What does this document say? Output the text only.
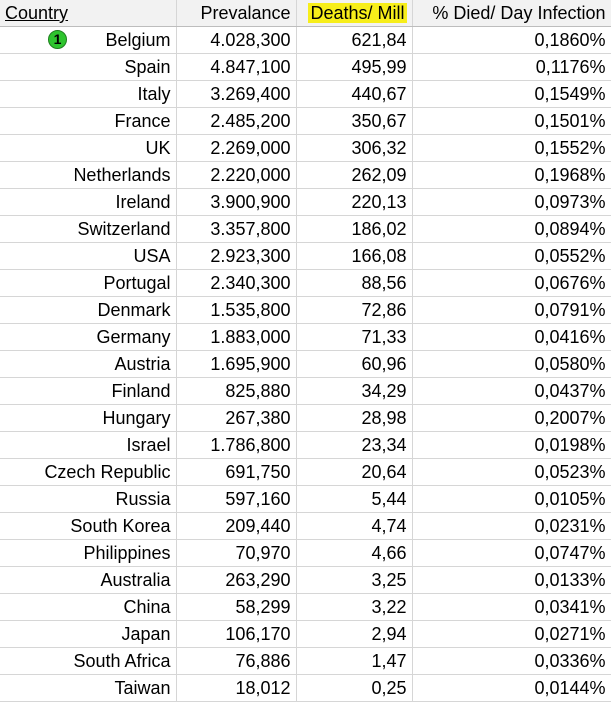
Country	Prevalance	Deaths/ Mill	% Died/ Day Infection

1 Belgium	4.028,300	621,84	0,1860%
Spain	4.847,100	495,99	0,1176%
Italy	3.269,400	440,67	0,1549%
France	2.485,200	350,67	0,1501%
UK	2.269,000	306,32	0,1552%
Netherlands	2.220,000	262,09	0,1968%
Ireland	3.900,900	220,13	0,0973%
Switzerland	3.357,800	186,02	0,0894%
USA	2.923,300	166,08	0,0552%
Portugal	2.340,300	88,56	0,0676%
Denmark	1.535,800	72,86	0,0791%
Germany	1.883,000	71,33	0,0416%
Austria	1.695,900	60,96	0,0580%
Finland	825,880	34,29	0,0437%
Hungary	267,380	28,98	0,2007%
Israel	1.786,800	23,34	0,0198%
Czech Republic	691,750	20,64	0,0523%
Russia	597,160	5,44	0,0105%
South Korea	209,440	4,74	0,0231%
Philippines	70,970	4,66	0,0747%
Australia	263,290	3,25	0,0133%
China	58,299	3,22	0,0341%
Japan	106,170	2,94	0,0271%
South Africa	76,886	1,47	0,0336%
Taiwan	18,012	0,25	0,0144%
